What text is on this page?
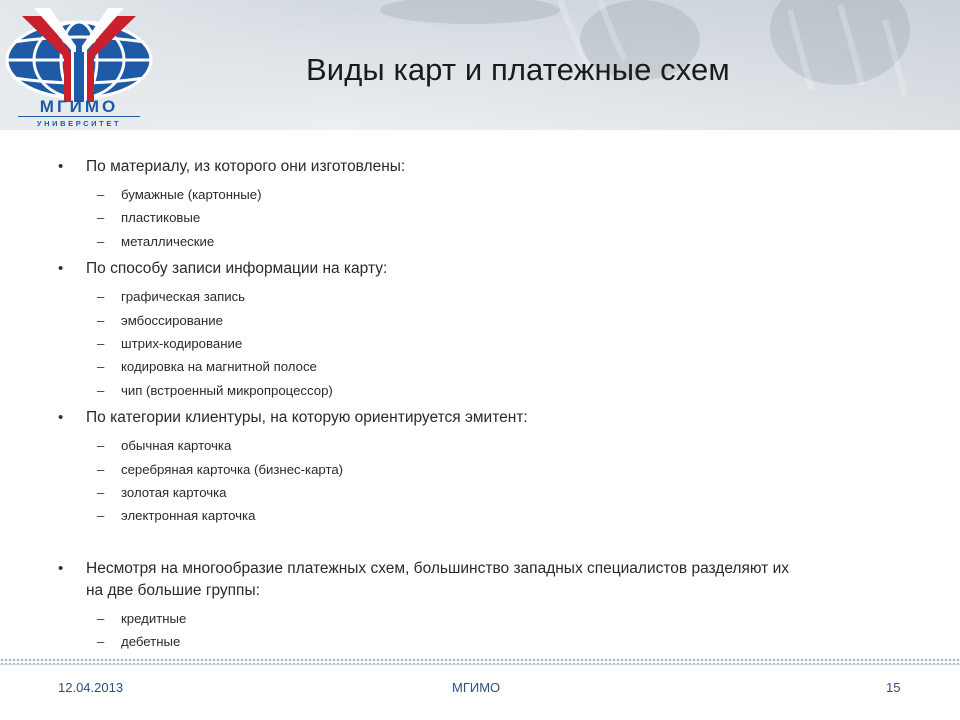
МГИМО
УНИВЕРСИТЕТ
Виды карт и платежные схем
• По материалу, из которого они изготовлены:
– бумажные (картонные)
– пластиковые
– металлические
• По способу записи информации на карту:
– графическая запись
– эмбоссирование
– штрих-кодирование
– кодировка на магнитной полосе
– чип (встроенный микропроцессор)
• По категории клиентуры, на которую ориентируется эмитент:
– обычная карточка
– серебряная карточка (бизнес-карта)
– золотая карточка
– электронная карточка
• Несмотря на многообразие платежных схем, большинство западных специалистов разделяют их
на две большие группы:
– кредитные
– дебетные
12.04.2013	МГИМО	15
